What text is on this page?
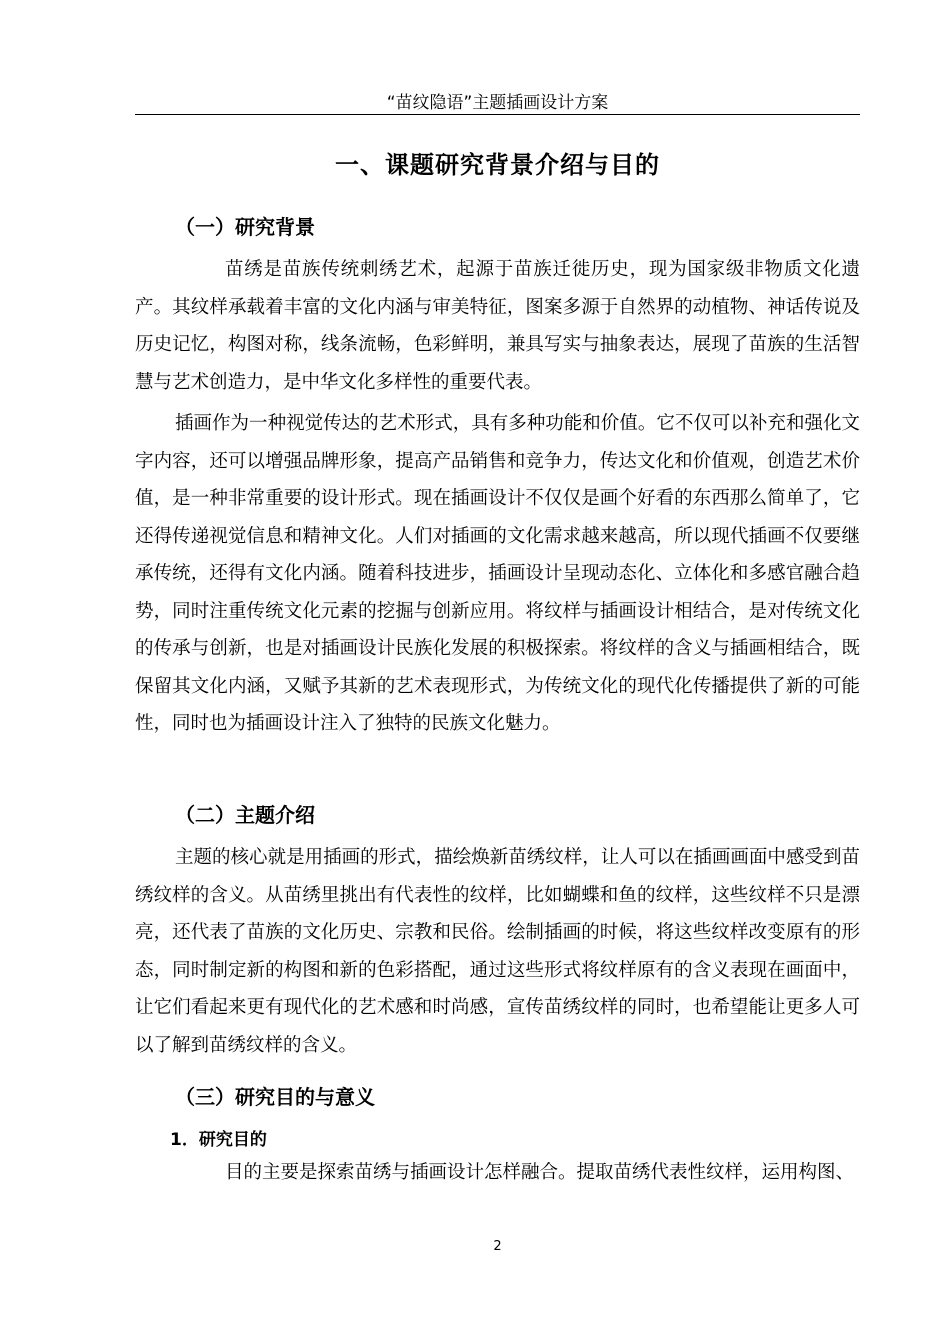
“苗纹隐语”主题插画设计方案
一、课题研究背景介绍与目的
（一）研究背景

苗绣是苗族传统刺绣艺术，起源于苗族迁徙历史，现为国家级非物质文化遗产。其纹样承载着丰富的文化内涵与审美特征，图案多源于自然界的动植物、神话传说及历史记忆，构图对称，线条流畅，色彩鲜明，兼具写实与抽象表达，展现了苗族的生活智慧与艺术创造力，是中华文化多样性的重要代表。

插画作为一种视觉传达的艺术形式，具有多种功能和价值。它不仅可以补充和强化文字内容，还可以增强品牌形象，提高产品销售和竞争力，传达文化和价值观，创造艺术价值，是一种非常重要的设计形式。现在插画设计不仅仅是画个好看的东西那么简单了，它还得传递视觉信息和精神文化。人们对插画的文化需求越来越高，所以现代插画不仅要继承传统，还得有文化内涵。随着科技进步，插画设计呈现动态化、立体化和多感官融合趋势，同时注重传统文化元素的挖掘与创新应用。将纹样与插画设计相结合，是对传统文化的传承与创新，也是对插画设计民族化发展的积极探索。将纹样的含义与插画相结合，既保留其文化内涵，又赋予其新的艺术表现形式，为传统文化的现代化传播提供了新的可能性，同时也为插画设计注入了独特的民族文化魅力。

（二）主题介绍

主题的核心就是用插画的形式，描绘焕新苗绣纹样，让人可以在插画画面中感受到苗绣纹样的含义。从苗绣里挑出有代表性的纹样，比如蝴蝶和鱼的纹样，这些纹样不只是漂亮，还代表了苗族的文化历史、宗教和民俗。绘制插画的时候，将这些纹样改变原有的形态，同时制定新的构图和新的色彩搭配，通过这些形式将纹样原有的含义表现在画面中，让它们看起来更有现代化的艺术感和时尚感，宣传苗绣纹样的同时，也希望能让更多人可以了解到苗绣纹样的含义。

（三）研究目的与意义
1．研究目的

目的主要是探索苗绣与插画设计怎样融合。提取苗绣代表性纹样，运用构图、

2
